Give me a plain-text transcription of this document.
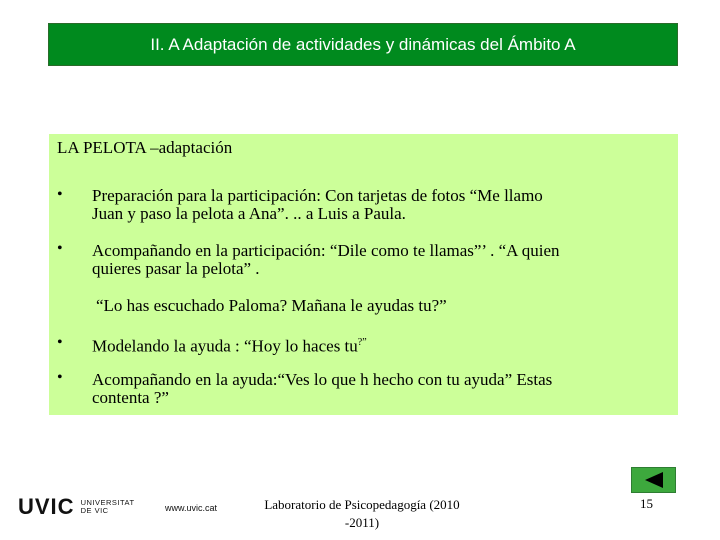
II. A Adaptación de actividades y dinámicas del Ámbito A
LA PELOTA –adaptación
• Preparación para la participación: Con tarjetas de fotos “Me llamo
Juan y paso la pelota a Ana”. .. a Luis a Paula.
• Acompañando en la participación: “Dile como te llamas”’ . “A quien
quieres pasar la pelota” .
“Lo has escuchado Paloma? Mañana le ayudas tu?”
• Modelando la ayuda : “Hoy lo haces tu?”
• Acompañando en la ayuda:“Ves lo que h hecho con tu ayuda” Estas
contenta ?”
UVIC UNIVERSITAT
DE VIC	www.uvic.cat	Laboratorio de Psicopedagogía (2010
-2011)
15
